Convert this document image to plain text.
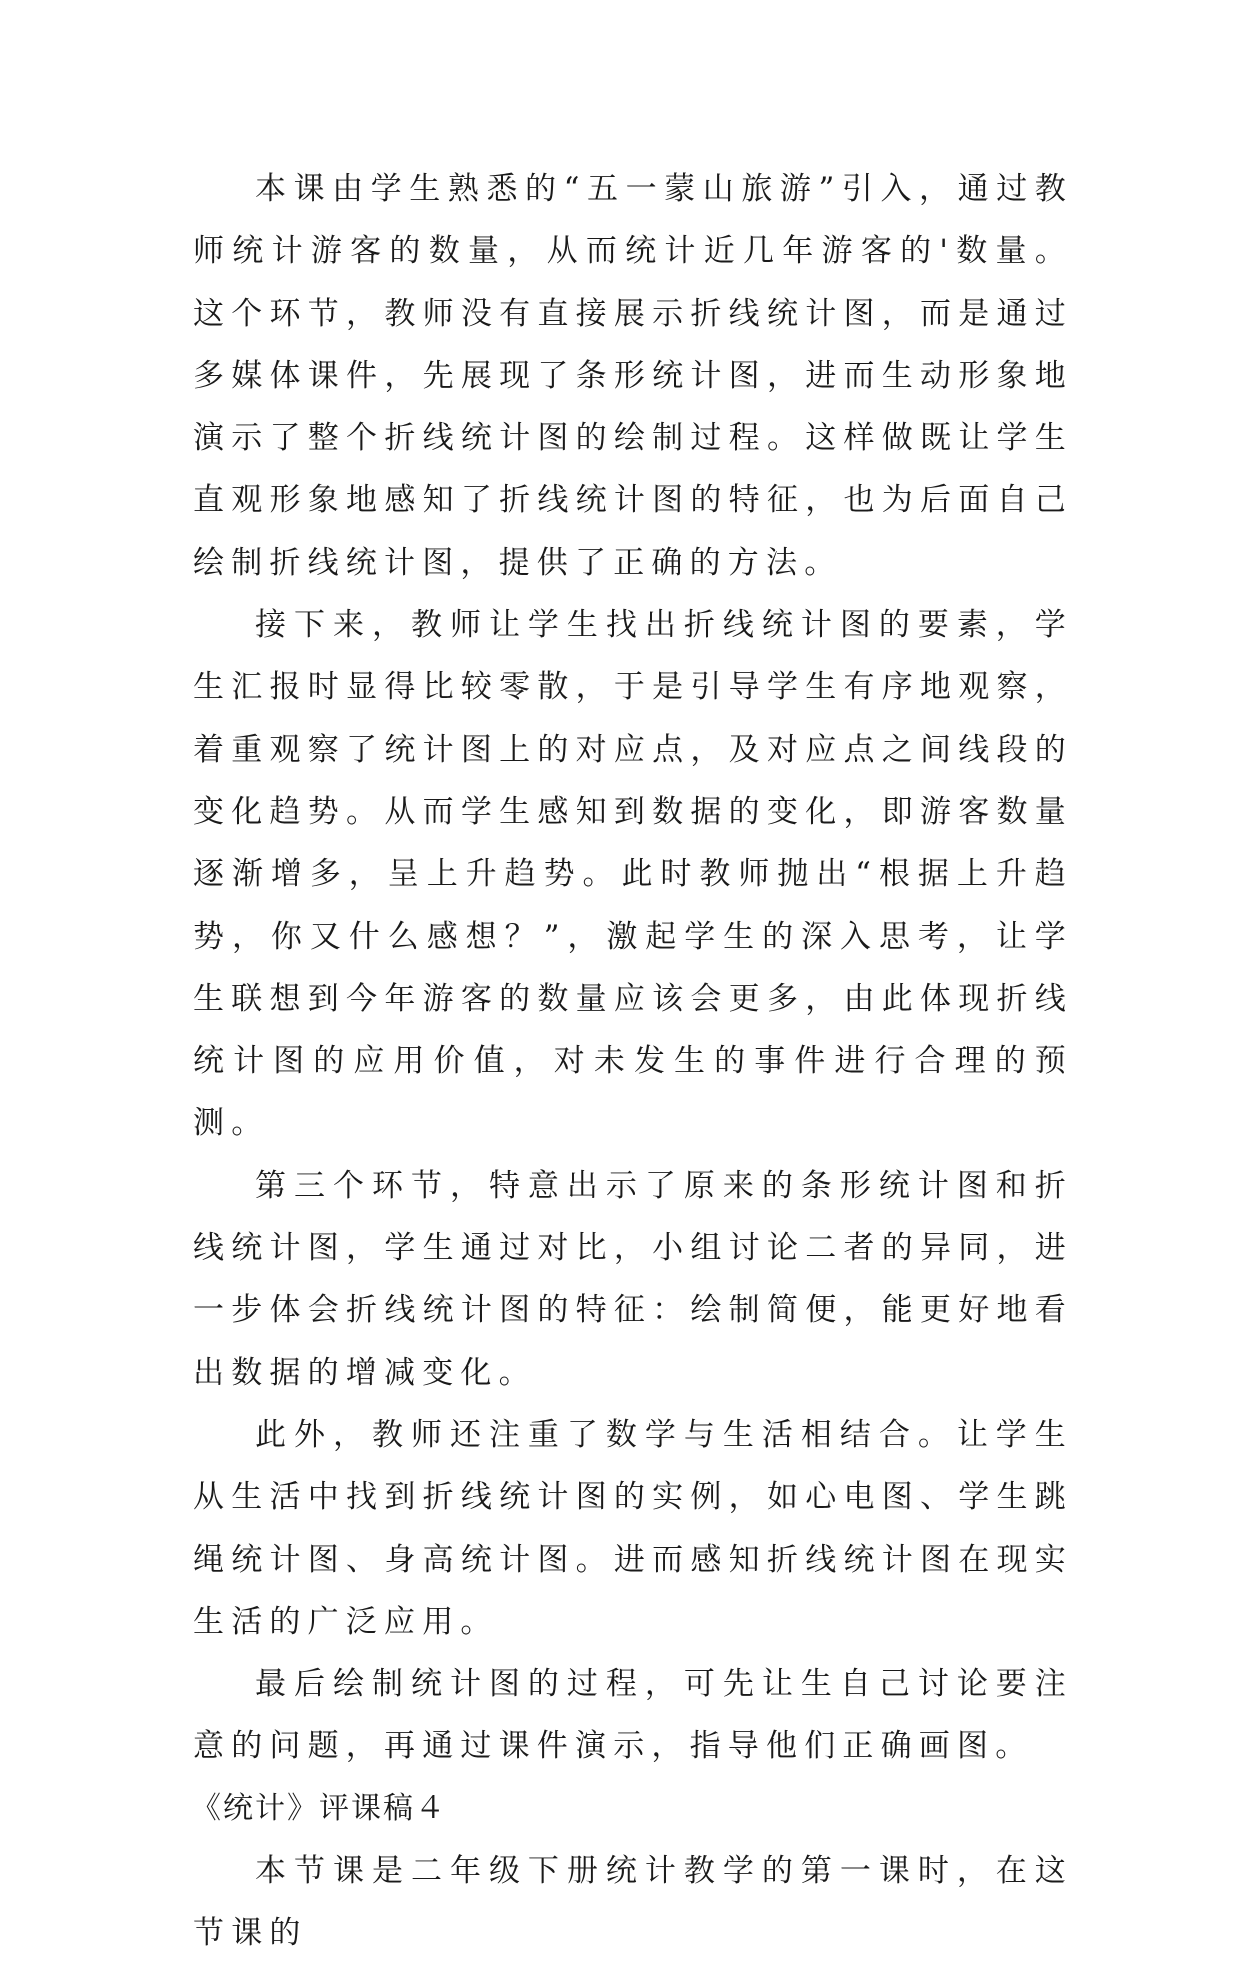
本课由学生熟悉的“五一蒙山旅游”引入，通过教师统计游客的数量，从而统计近几年游客的'数量。这个环节，教师没有直接展示折线统计图，而是通过多媒体课件，先展现了条形统计图，进而生动形象地演示了整个折线统计图的绘制过程。这样做既让学生直观形象地感知了折线统计图的特征，也为后面自己绘制折线统计图，提供了正确的方法。

接下来，教师让学生找出折线统计图的要素，学生汇报时显得比较零散，于是引导学生有序地观察，着重观察了统计图上的对应点，及对应点之间线段的变化趋势。从而学生感知到数据的变化，即游客数量逐渐增多，呈上升趋势。此时教师抛出“根据上升趋势，你又什么感想？”，激起学生的深入思考，让学生联想到今年游客的数量应该会更多，由此体现折线统计图的应用价值，对未发生的事件进行合理的预测。

第三个环节，特意出示了原来的条形统计图和折线统计图，学生通过对比，小组讨论二者的异同，进一步体会折线统计图的特征：绘制简便，能更好地看出数据的增减变化。

此外，教师还注重了数学与生活相结合。让学生从生活中找到折线统计图的实例，如心电图、学生跳绳统计图、身高统计图。进而感知折线统计图在现实生活的广泛应用。

最后绘制统计图的过程，可先让生自己讨论要注意的问题，再通过课件演示，指导他们正确画图。

《统计》评课稿４

本节课是二年级下册统计教学的第一课时，在这节课的
